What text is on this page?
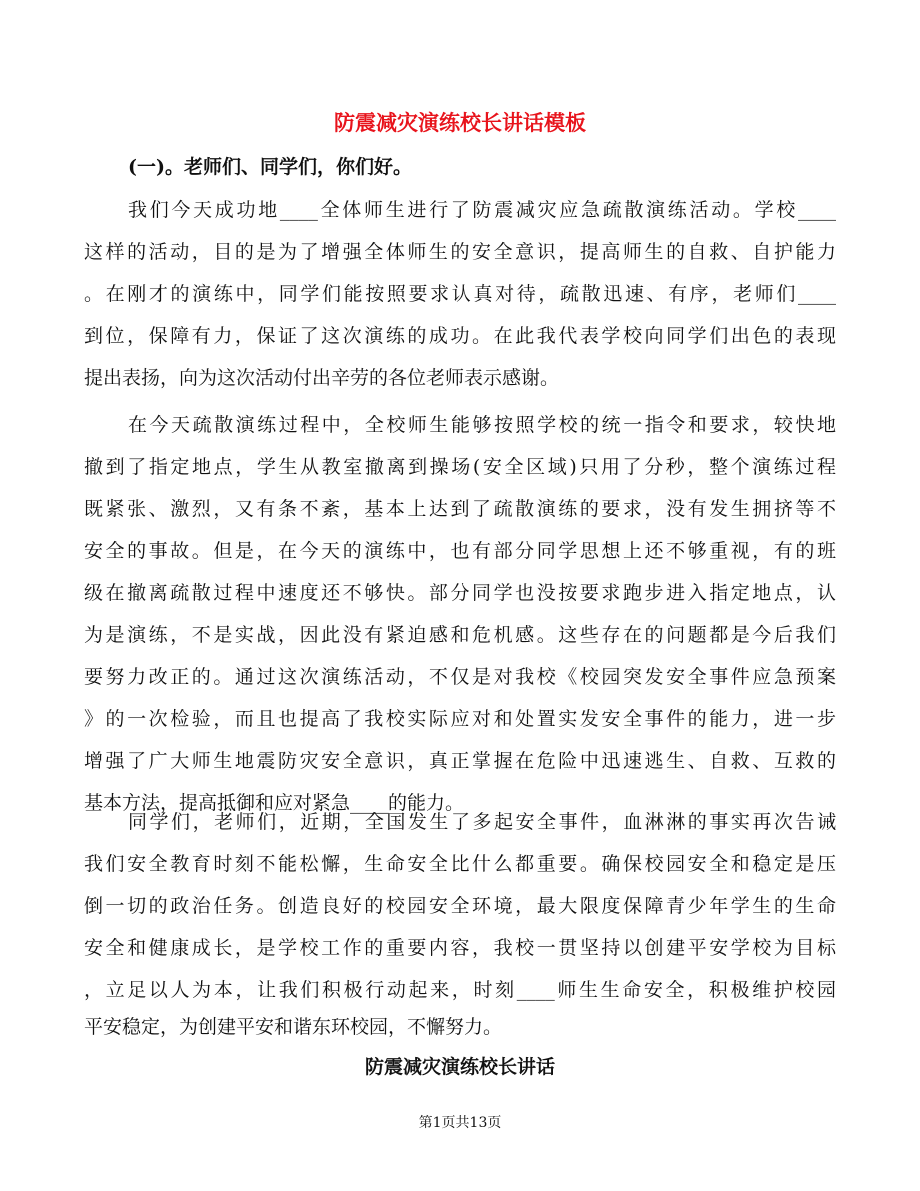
防震减灾演练校长讲话模板
(一)。老师们、同学们，你们好。
我们今天成功地____全体师生进行了防震减灾应急疏散演练活动。学校____
这样的活动，目的是为了增强全体师生的安全意识，提高师生的自救、自护能力
。在刚才的演练中，同学们能按照要求认真对待，疏散迅速、有序，老师们____
到位，保障有力，保证了这次演练的成功。在此我代表学校向同学们出色的表现
提出表扬，向为这次活动付出辛劳的各位老师表示感谢。
在今天疏散演练过程中，全校师生能够按照学校的统一指令和要求，较快地
撤到了指定地点，学生从教室撤离到操场(安全区域)只用了分秒，整个演练过程
既紧张、激烈，又有条不紊，基本上达到了疏散演练的要求，没有发生拥挤等不
安全的事故。但是，在今天的演练中，也有部分同学思想上还不够重视，有的班
级在撤离疏散过程中速度还不够快。部分同学也没按要求跑步进入指定地点，认
为是演练，不是实战，因此没有紧迫感和危机感。这些存在的问题都是今后我们
要努力改正的。通过这次演练活动，不仅是对我校《校园突发安全事件应急预案
》的一次检验，而且也提高了我校实际应对和处置实发安全事件的能力，进一步
增强了广大师生地震防灾安全意识，真正掌握在危险中迅速逃生、自救、互救的
基本方法，提高抵御和应对紧急____的能力。
同学们，老师们，近期，全国发生了多起安全事件，血淋淋的事实再次告诫
我们安全教育时刻不能松懈，生命安全比什么都重要。确保校园安全和稳定是压
倒一切的政治任务。创造良好的校园安全环境，最大限度保障青少年学生的生命
安全和健康成长，是学校工作的重要内容，我校一贯坚持以创建平安学校为目标
，立足以人为本，让我们积极行动起来，时刻____师生生命安全，积极维护校园
防震减灾演练校长讲话
第1页共13页
平安稳定，为创建平安和谐东环校园，不懈努力。
